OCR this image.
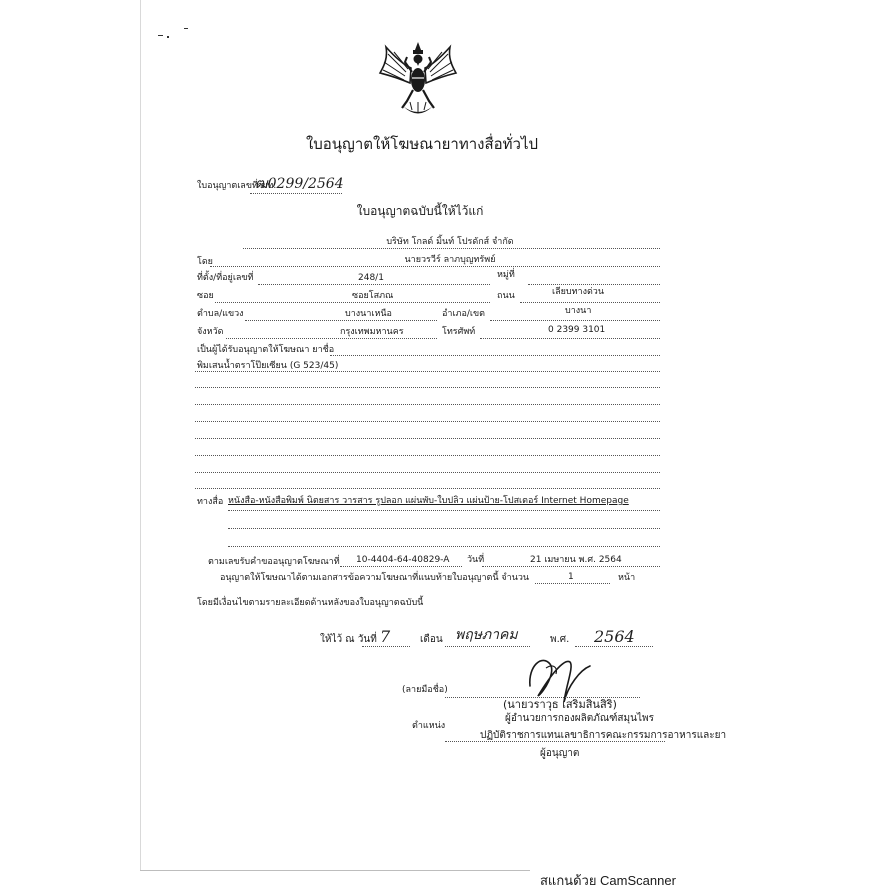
ใบอนุญาตให้โฆษณายาทางสื่อทั่วไป
ใบอนุญาตเลขที่ ฆท.
ฒ0299/2564
ใบอนุญาตฉบับนี้ให้ไว้แก่
บริษัท โกลด์ มิ้นท์ โปรดักส์ จำกัด
โดย	นายวรวีร์ ลาภบุญทรัพย์
ที่ตั้ง/ที่อยู่เลขที่	248/1	หมู่ที่
ซอย	ซอยโสภณ	ถนน	เลียบทางด่วน
ตำบล/แขวง	บางนาเหนือ	อำเภอ/เขต	บางนา
จังหวัด	กรุงเทพมหานคร	โทรศัพท์	0 2399 3101
เป็นผู้ได้รับอนุญาตให้โฆษณา ยาชื่อ
พิมเสนน้ำตราโป๊ยเซียน (G 523/45)
ทางสื่อ หนังสือ-หนังสือพิมพ์ นิตยสาร วารสาร รูปลอก แผ่นพับ-ใบปลิว แผ่นป้าย-โปสเตอร์ Internet Homepage
ตามเลขรับคำขออนุญาตโฆษณาที่ 10-4404-64-40829-A วันที่	21 เมษายน พ.ศ. 2564
อนุญาตให้โฆษณาได้ตามเอกสารข้อความโฆษณาที่แนบท้ายใบอนุญาตนี้ จำนวน	1	หน้า
โดยมีเงื่อนไขตามรายละเอียดด้านหลังของใบอนุญาตฉบับนี้
ให้ไว้ ณ วันที่ 7	เดือน พฤษภาคม	พ.ศ. 2564
(ลายมือชื่อ)
(นายวราวุธ เสริมสินสิริ)
ผู้อำนวยการกองผลิตภัณฑ์สมุนไพร
ตำแหน่ง
ปฏิบัติราชการแทนเลขาธิการคณะกรรมการอาหารและยา
ผู้อนุญาต
สแกนด้วย CamScanner
